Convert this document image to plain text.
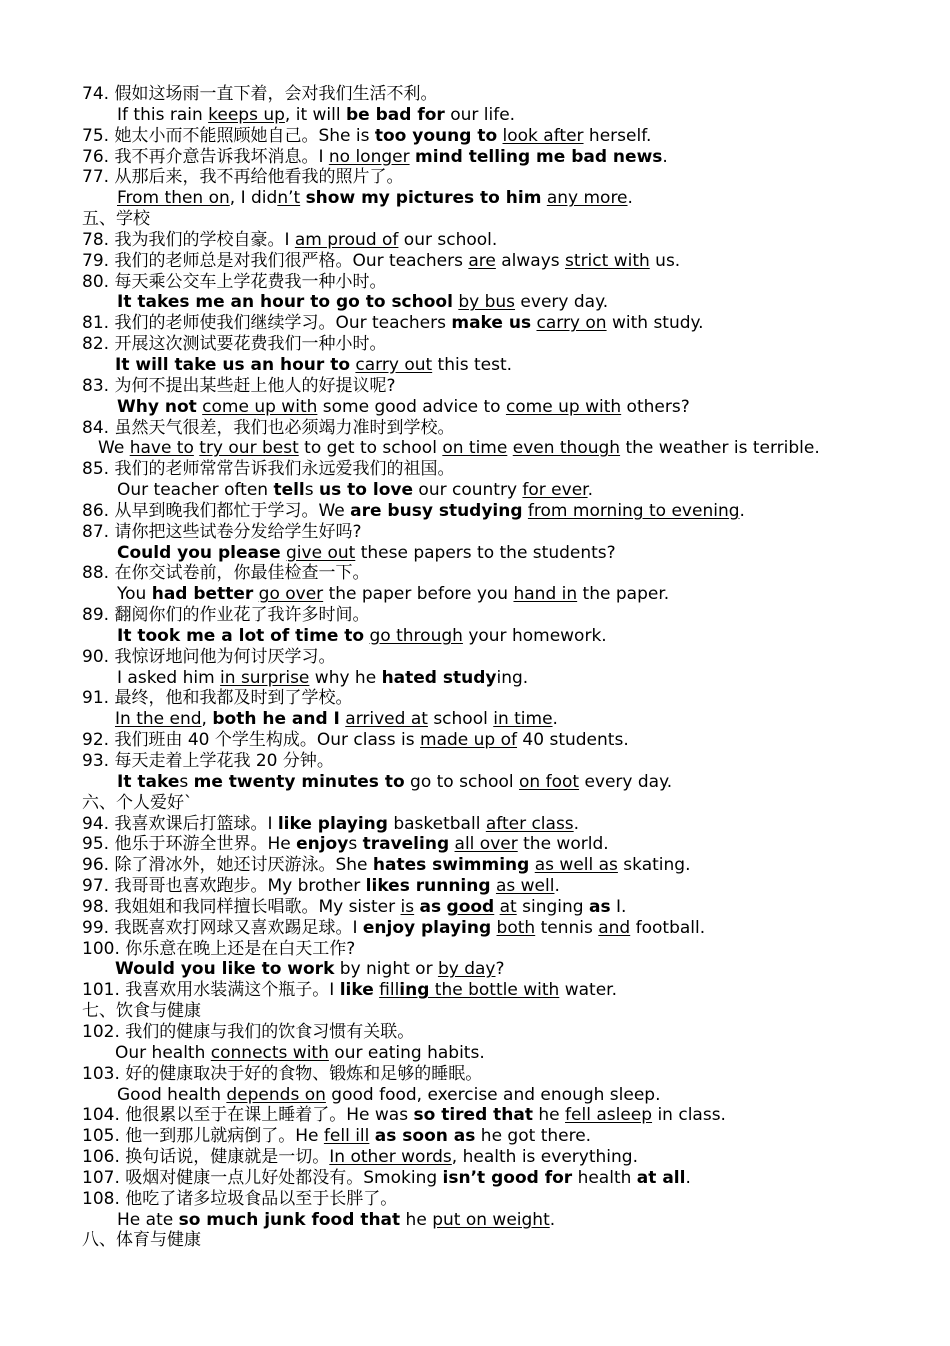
74. 假如这场雨一直下着，会对我们生活不利。
If this rain keeps up, it will be bad for our life.
75. 她太小而不能照顾她自己。She is too young to look after herself.
76. 我不再介意告诉我坏消息。I no longer mind telling me bad news.
77. 从那后来，我不再给他看我的照片了。
From then on, I didn’t show my pictures to him any more.
五、学校
78. 我为我们的学校自豪。I am proud of our school.
79. 我们的老师总是对我们很严格。Our teachers are always strict with us.
80. 每天乘公交车上学花费我一种小时。
It takes me an hour to go to school by bus every day.
81. 我们的老师使我们继续学习。Our teachers make us carry on with study.
82. 开展这次测试要花费我们一种小时。
It will take us an hour to carry out this test.
83. 为何不提出某些赶上他人的好提议呢?
Why not come up with some good advice to come up with others?
84. 虽然天气很差，我们也必须竭力准时到学校。
We have to try our best to get to school on time even though the weather is terrible.
85. 我们的老师常常告诉我们永远爱我们的祖国。
Our teacher often tells us to love our country for ever.
86. 从早到晚我们都忙于学习。We are busy studying from morning to evening.
87. 请你把这些试卷分发给学生好吗?
Could you please give out these papers to the students?
88. 在你交试卷前，你最佳检查一下。
You had better go over the paper before you hand in the paper.
89. 翻阅你们的作业花了我许多时间。
It took me a lot of time to go through your homework.
90. 我惊讶地问他为何讨厌学习。
I asked him in surprise why he hated studying.
91. 最终，他和我都及时到了学校。
In the end, both he and I arrived at school in time.
92. 我们班由 40 个学生构成。Our class is made up of 40 students.
93. 每天走着上学花我 20 分钟。
It takes me twenty minutes to go to school on foot every day.
六、个人爱好`
94. 我喜欢课后打篮球。I like playing basketball after class.
95. 他乐于环游全世界。He enjoys traveling all over the world.
96. 除了滑冰外，她还讨厌游泳。She hates swimming as well as skating.
97. 我哥哥也喜欢跑步。My brother likes running as well.
98. 我姐姐和我同样擅长唱歌。My sister is as good at singing as I.
99. 我既喜欢打网球又喜欢踢足球。I enjoy playing both tennis and football.
100. 你乐意在晚上还是在白天工作?
Would you like to work by night or by day?
101. 我喜欢用水装满这个瓶子。I like filling the bottle with water.
七、饮食与健康
102. 我们的健康与我们的饮食习惯有关联。
Our health connects with our eating habits.
103. 好的健康取决于好的食物、锻炼和足够的睡眠。
Good health depends on good food, exercise and enough sleep.
104. 他很累以至于在课上睡着了。He was so tired that he fell asleep in class.
105. 他一到那儿就病倒了。He fell ill as soon as he got there.
106. 换句话说，健康就是一切。In other words, health is everything.
107. 吸烟对健康一点儿好处都没有。Smoking isn’t good for health at all.
108. 他吃了诸多垃圾食品以至于长胖了。
He ate so much junk food that he put on weight.
八、体育与健康
